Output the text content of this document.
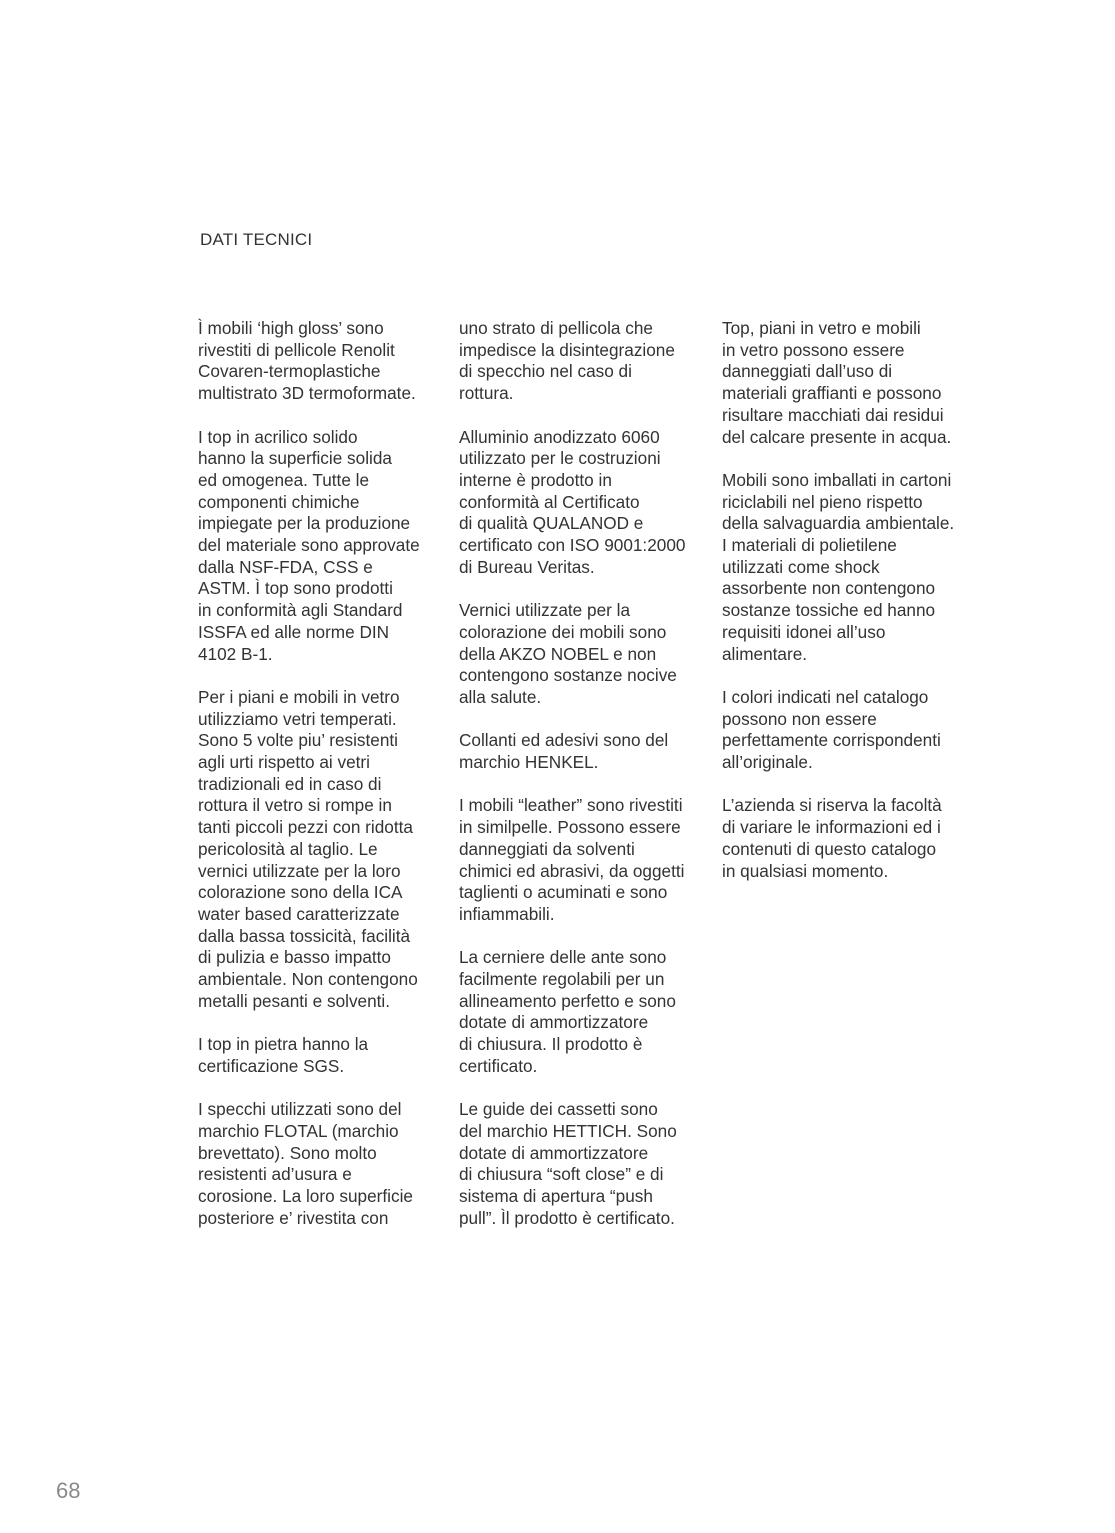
DATI TECNICI

Ì mobili ‘high gloss’ sono
rivestiti di pellicole Renolit
Covaren-termoplastiche
multistrato 3D termoformate.

I top in acrilico solido
hanno la superficie solida
ed omogenea. Tutte le
componenti chimiche
impiegate per la produzione
del materiale sono approvate
dalla NSF-FDA, CSS e
ASTM. Ì top sono prodotti
in conformità agli Standard
ISSFA ed alle norme DIN
4102 B-1.

Per i piani e mobili in vetro
utilizziamo vetri temperati.
Sono 5 volte piu’ resistenti
agli urti rispetto ai vetri
tradizionali ed in caso di
rottura il vetro si rompe in
tanti piccoli pezzi con ridotta
pericolosità al taglio. Le
vernici utilizzate per la loro
colorazione sono della ICA
water based caratterizzate
dalla bassa tossicità, facilità
di pulizia e basso impatto
ambientale. Non contengono
metalli pesanti e solventi.

I top in pietra hanno la
certificazione SGS.

I specchi utilizzati sono del
marchio FLOTAL (marchio
brevettato). Sono molto
resistenti ad’usura e
corosione. La loro superficie
posteriore e’ rivestita con

uno strato di pellicola che
impedisce la disintegrazione
di specchio nel caso di
rottura.

Alluminio anodizzato 6060
utilizzato per le costruzioni
interne è prodotto in
conformità al Certificato
di qualità QUALANOD e
certificato con ISO 9001:2000
di Bureau Veritas.

Vernici utilizzate per la
colorazione dei mobili sono
della AKZO NOBEL e non
contengono sostanze nocive
alla salute.

Collanti ed adesivi sono del
marchio HENKEL.

I mobili “leather” sono rivestiti
in similpelle. Possono essere
danneggiati da solventi
chimici ed abrasivi, da oggetti
taglienti o acuminati e sono
infiammabili.

La cerniere delle ante sono
facilmente regolabili per un
allineamento perfetto e sono
dotate di ammortizzatore
di chiusura. Il prodotto è
certificato.

Le guide dei cassetti sono
del marchio HETTICH. Sono
dotate di ammortizzatore
di chiusura “soft close” e di
sistema di apertura “push
pull”. Ìl prodotto è certificato.

Top, piani in vetro e mobili
in vetro possono essere
danneggiati dall’uso di
materiali graffianti e possono
risultare macchiati dai residui
del calcare presente in acqua.

Mobili sono imballati in cartoni
riciclabili nel pieno rispetto
della salvaguardia ambientale.
I materiali di polietilene
utilizzati come shock
assorbente non contengono
sostanze tossiche ed hanno
requisiti idonei all’uso
alimentare.

I colori indicati nel catalogo
possono non essere
perfettamente corrispondenti
all’originale.

L’azienda si riserva la facoltà
di variare le informazioni ed i
contenuti di questo catalogo
in qualsiasi momento.

68
